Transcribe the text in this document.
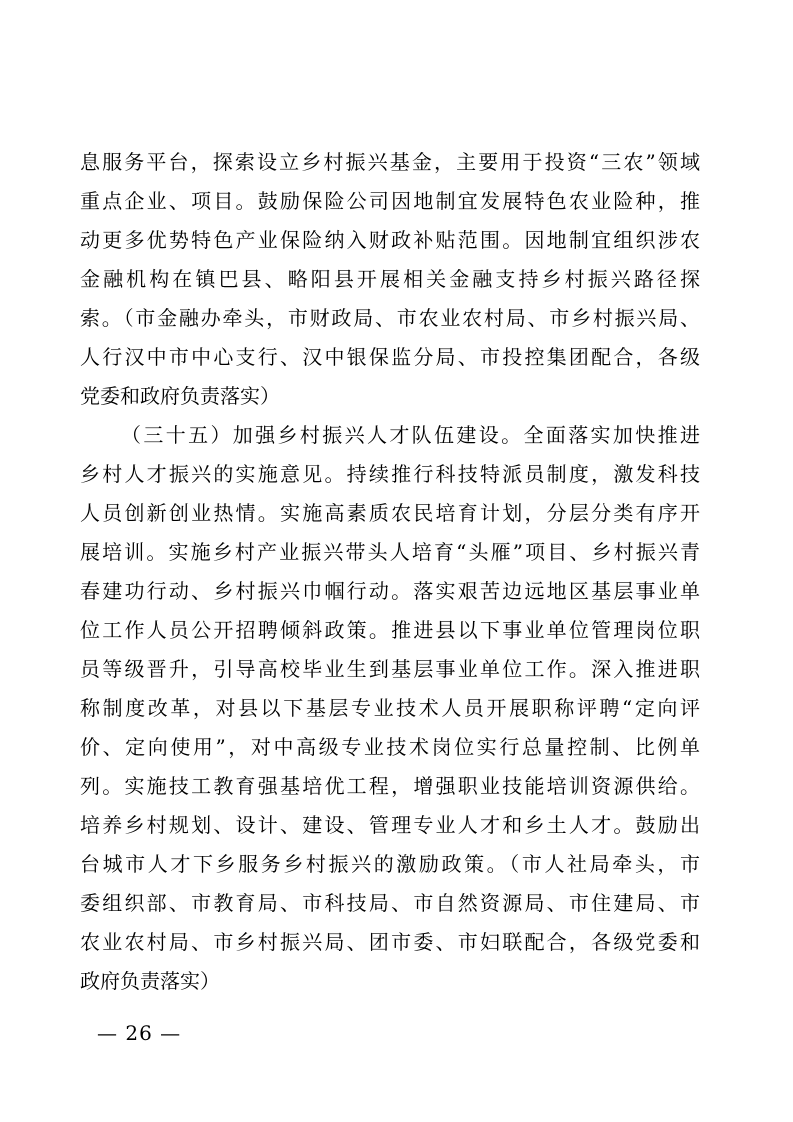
息服务平台，探索设立乡村振兴基金，主要用于投资“三农”领域
重点企业、项目。鼓励保险公司因地制宜发展特色农业险种，推
动更多优势特色产业保险纳入财政补贴范围。因地制宜组织涉农
金融机构在镇巴县、略阳县开展相关金融支持乡村振兴路径探
索。（市金融办牵头，市财政局、市农业农村局、市乡村振兴局、
人行汉中市中心支行、汉中银保监分局、市投控集团配合，各级
党委和政府负责落实）
（三十五）加强乡村振兴人才队伍建设。全面落实加快推进
乡村人才振兴的实施意见。持续推行科技特派员制度，激发科技
人员创新创业热情。实施高素质农民培育计划，分层分类有序开
展培训。实施乡村产业振兴带头人培育“头雁”项目、乡村振兴青
春建功行动、乡村振兴巾帼行动。落实艰苦边远地区基层事业单
位工作人员公开招聘倾斜政策。推进县以下事业单位管理岗位职
员等级晋升，引导高校毕业生到基层事业单位工作。深入推进职
称制度改革，对县以下基层专业技术人员开展职称评聘“定向评
价、定向使用”，对中高级专业技术岗位实行总量控制、比例单
列。实施技工教育强基培优工程，增强职业技能培训资源供给。
培养乡村规划、设计、建设、管理专业人才和乡土人才。鼓励出
台城市人才下乡服务乡村振兴的激励政策。（市人社局牵头，市
委组织部、市教育局、市科技局、市自然资源局、市住建局、市
农业农村局、市乡村振兴局、团市委、市妇联配合，各级党委和
政府负责落实）
— 26 —
